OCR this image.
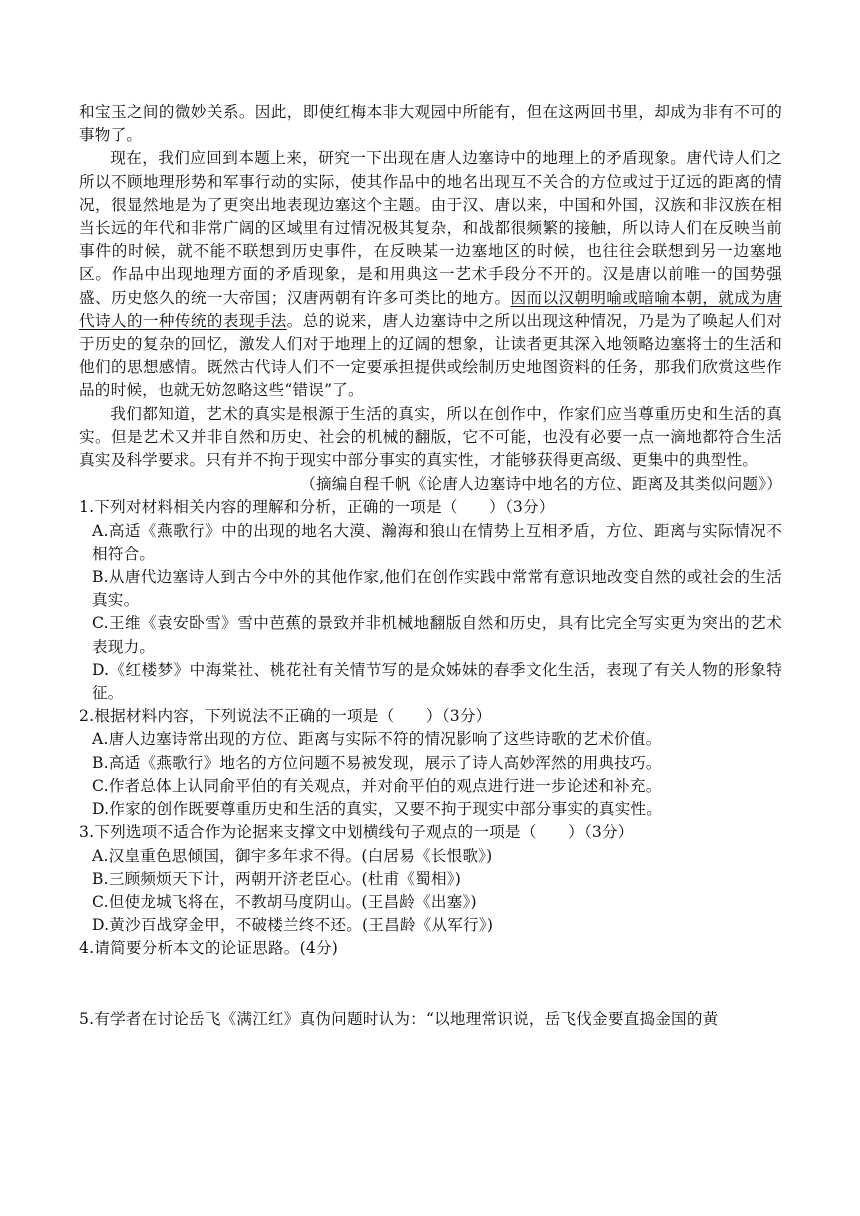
和宝玉之间的微妙关系。因此，即使红梅本非大观园中所能有，但在这两回书里，却成为非有不可的事物了。

现在，我们应回到本题上来，研究一下出现在唐人边塞诗中的地理上的矛盾现象。唐代诗人们之所以不顾地理形势和军事行动的实际，使其作品中的地名出现互不关合的方位或过于辽远的距离的情况，很显然地是为了更突出地表现边塞这个主题。由于汉、唐以来，中国和外国，汉族和非汉族在相当长远的年代和非常广阔的区域里有过情况极其复杂，和战都很频繁的接触，所以诗人们在反映当前事件的时候，就不能不联想到历史事件，在反映某一边塞地区的时候，也往往会联想到另一边塞地区。作品中出现地理方面的矛盾现象，是和用典这一艺术手段分不开的。汉是唐以前唯一的国势强盛、历史悠久的统一大帝国；汉唐两朝有许多可类比的地方。因而以汉朝明喻或暗喻本朝，就成为唐代诗人的一种传统的表现手法。总的说来，唐人边塞诗中之所以出现这种情况，乃是为了唤起人们对于历史的复杂的回忆，激发人们对于地理上的辽阔的想象，让读者更其深入地领略边塞将士的生活和他们的思想感情。既然古代诗人们不一定要承担提供或绘制历史地图资料的任务，那我们欣赏这些作品的时候，也就无妨忽略这些“错误”了。

我们都知道，艺术的真实是根源于生活的真实，所以在创作中，作家们应当尊重历史和生活的真实。但是艺术又并非自然和历史、社会的机械的翻版，它不可能，也没有必要一点一滴地都符合生活真实及科学要求。只有并不拘于现实中部分事实的真实性，才能够获得更高级、更集中的典型性。

（摘编自程千帆《论唐人边塞诗中地名的方位、距离及其类似问题》）

1.下列对材料相关内容的理解和分析，正确的一项是（　　）（3分）

A.高适《燕歌行》中的出现的地名大漠、瀚海和狼山在情势上互相矛盾，方位、距离与实际情况不相符合。

B.从唐代边塞诗人到古今中外的其他作家,他们在创作实践中常常有意识地改变自然的或社会的生活真实。

C.王维《袁安卧雪》雪中芭蕉的景致并非机械地翻版自然和历史，具有比完全写实更为突出的艺术表现力。

D.《红楼梦》中海棠社、桃花社有关情节写的是众姊妹的春季文化生活，表现了有关人物的形象特征。

2.根据材料内容，下列说法不正确的一项是（　　）（3分）

A.唐人边塞诗常出现的方位、距离与实际不符的情况影响了这些诗歌的艺术价值。

B.高适《燕歌行》地名的方位问题不易被发现，展示了诗人高妙浑然的用典技巧。

C.作者总体上认同俞平伯的有关观点，并对俞平伯的观点进行进一步论述和补充。

D.作家的创作既要尊重历史和生活的真实，又要不拘于现实中部分事实的真实性。

3.下列选项不适合作为论据来支撑文中划横线句子观点的一项是（　　）（3分）

A.汉皇重色思倾国，御宇多年求不得。(白居易《长恨歌》)

B.三顾频烦天下计，两朝开济老臣心。(杜甫《蜀相》)

C.但使龙城飞将在，不教胡马度阴山。(王昌龄《出塞》)

D.黄沙百战穿金甲，不破楼兰终不还。(王昌龄《从军行》)

4.请简要分析本文的论证思路。(4分)

5.有学者在讨论岳飞《满江红》真伪问题时认为：“以地理常识说，岳飞伐金要直捣金国的黄
